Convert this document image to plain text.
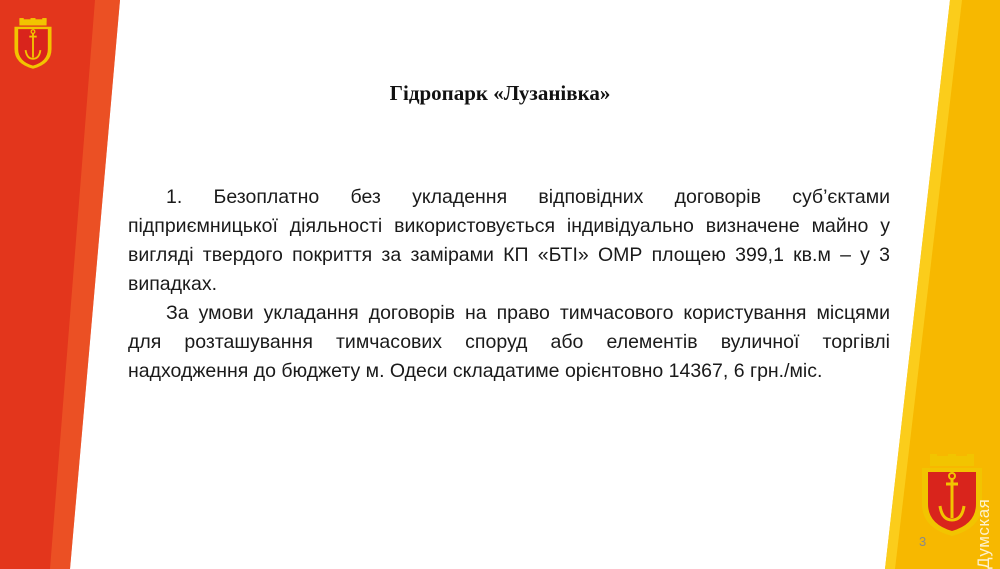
Гідропарк «Лузанівка»

1. Безоплатно без укладення відповідних договорів суб’єктами підприємницької діяльності використовується індивідуально визначене майно у вигляді твердого покриття за замірами КП «БТІ» ОМР площею 399,1 кв.м – у 3 випадках.

За умови укладання договорів на право тимчасового користування місцями для розташування тимчасових споруд або елементів вуличної торгівлі надходження до бюджету м. Одеси складатиме орієнтовно 14367, 6 грн./міс.

3	Думская
